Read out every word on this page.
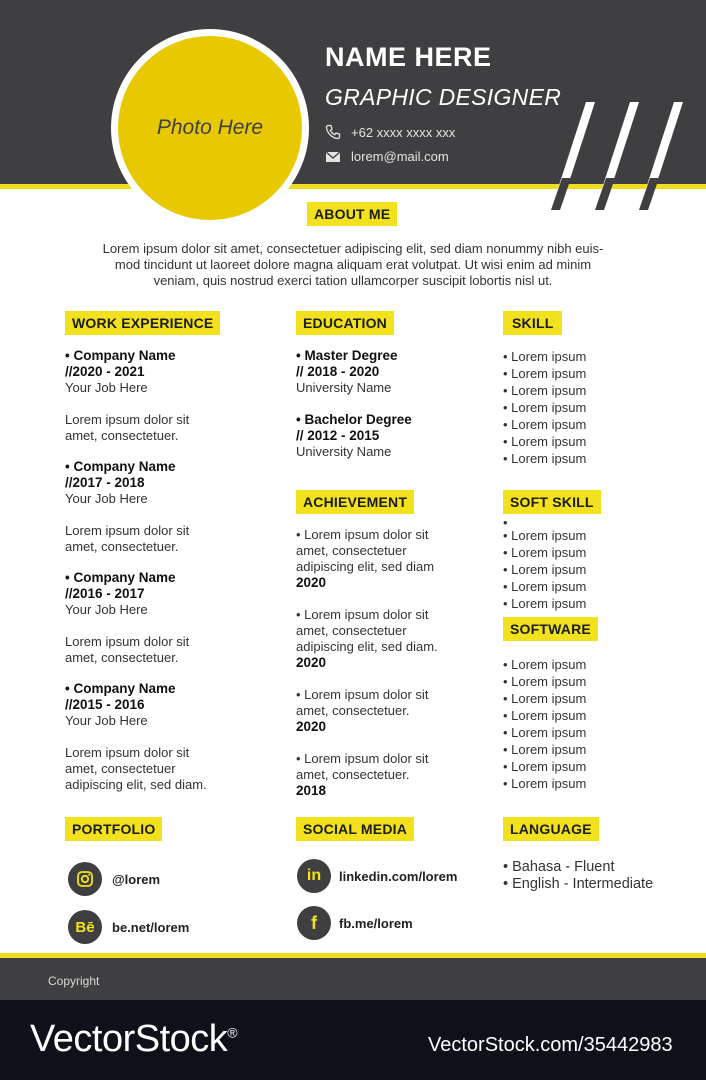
Photo Here
NAME HERE
GRAPHIC DESIGNER
+62 xxxx xxxx xxx
lorem@mail.com
ABOUT ME
Lorem ipsum dolor sit amet, consectetuer adipiscing elit, sed diam nonummy nibh euis-
mod tincidunt ut laoreet dolore magna aliquam erat volutpat. Ut wisi enim ad minim
veniam, quis nostrud exerci tation ullamcorper suscipit lobortis nisl ut.
WORK EXPERIENCE
• Company Name
//2020 - 2021
Your Job Here
Lorem ipsum dolor sit
amet, consectetuer.
• Company Name
//2017 - 2018
Your Job Here
Lorem ipsum dolor sit
amet, consectetuer.
• Company Name
//2016 - 2017
Your Job Here
Lorem ipsum dolor sit
amet, consectetuer.
• Company Name
//2015 - 2016
Your Job Here
Lorem ipsum dolor sit
amet, consectetuer
adipiscing elit, sed diam.
EDUCATION
• Master Degree
// 2018 - 2020
University Name
• Bachelor Degree
// 2012 - 2015
University Name
ACHIEVEMENT
• Lorem ipsum dolor sit
amet, consectetuer
adipiscing elit, sed diam
2020
• Lorem ipsum dolor sit
amet, consectetuer
adipiscing elit, sed diam.
2020
• Lorem ipsum dolor sit
amet, consectetuer.
2020
• Lorem ipsum dolor sit
amet, consectetuer.
2018
SKILL
• Lorem ipsum
• Lorem ipsum
• Lorem ipsum
• Lorem ipsum
• Lorem ipsum
• Lorem ipsum
• Lorem ipsum
SOFT SKILL
•
• Lorem ipsum
• Lorem ipsum
• Lorem ipsum
• Lorem ipsum
• Lorem ipsum
SOFTWARE
• Lorem ipsum
• Lorem ipsum
• Lorem ipsum
• Lorem ipsum
• Lorem ipsum
• Lorem ipsum
• Lorem ipsum
• Lorem ipsum
PORTFOLIO
@lorem
Bē be.net/lorem
SOCIAL MEDIA
in linkedin.com/lorem
f fb.me/lorem
LANGUAGE
• Bahasa - Fluent
• English - Intermediate
Copyright
VectorStock®
VectorStock.com/35442983
